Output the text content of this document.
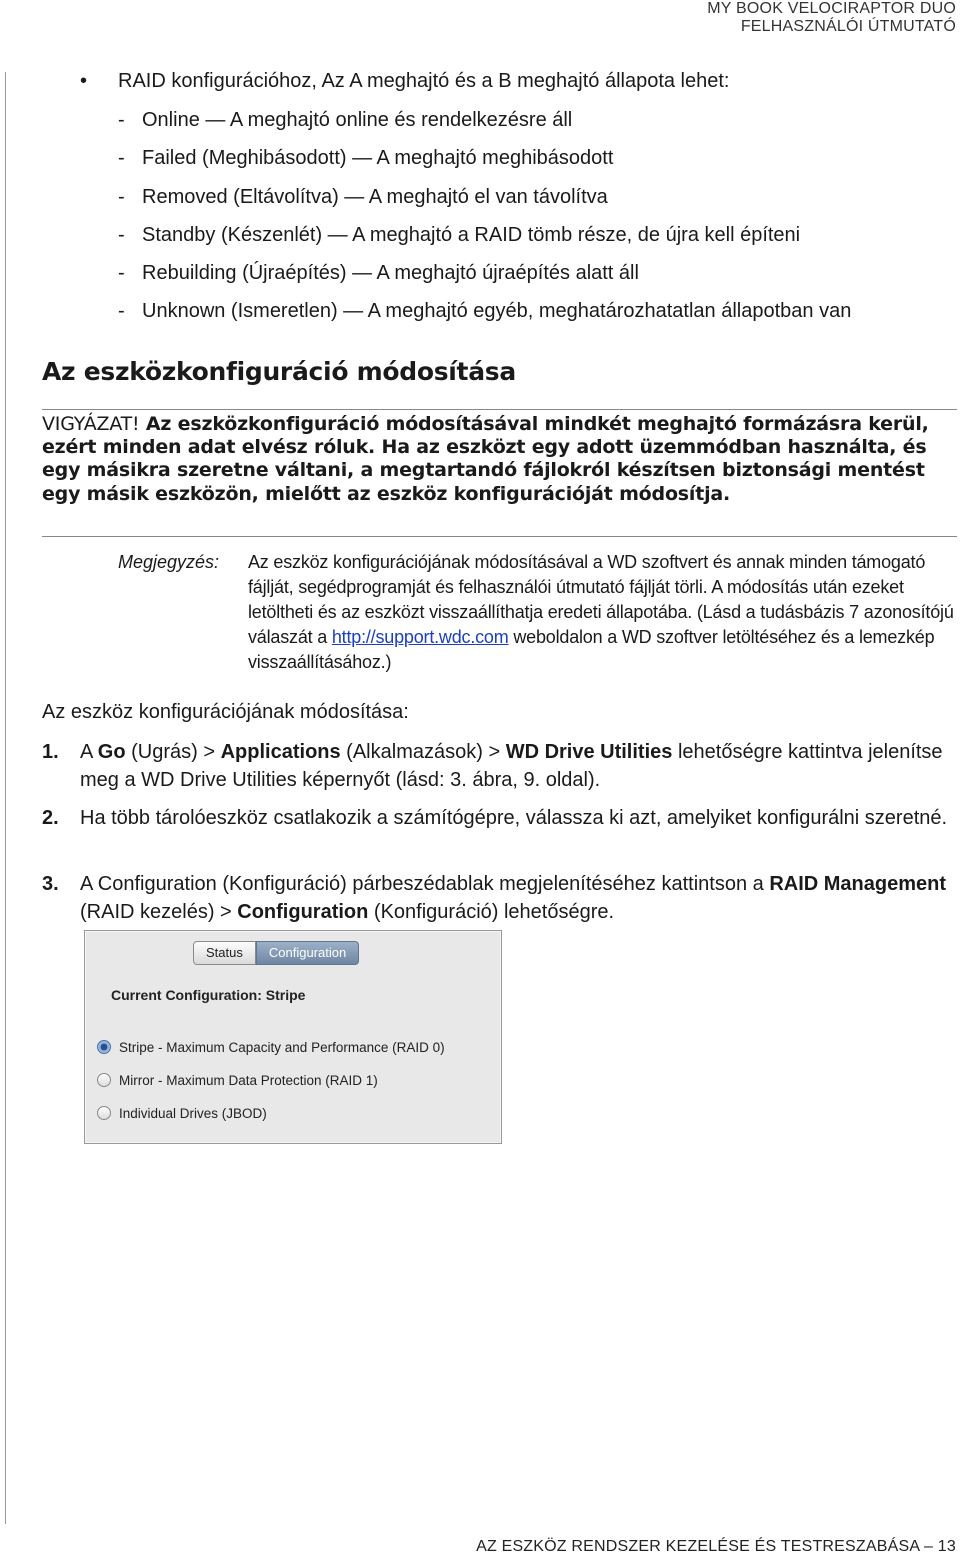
MY BOOK VELOCIRAPTOR DUO
FELHASZNÁLÓI ÚTMUTATÓ
• RAID konfigurációhoz, Az A meghajtó és a B meghajtó állapota lehet:
- Online — A meghajtó online és rendelkezésre áll
- Failed (Meghibásodott) — A meghajtó meghibásodott
- Removed (Eltávolítva) — A meghajtó el van távolítva
- Standby (Készenlét) — A meghajtó a RAID tömb része, de újra kell építeni
- Rebuilding (Újraépítés) — A meghajtó újraépítés alatt áll
- Unknown (Ismeretlen) — A meghajtó egyéb, meghatározhatatlan állapotban van
Az eszközkonfiguráció módosítása
VIGYÁZAT! Az eszközkonfiguráció módosításával mindkét meghajtó formázásra kerül, ezért minden adat elvész róluk. Ha az eszközt egy adott üzemmódban használta, és egy másikra szeretne váltani, a megtartandó fájlokról készítsen biztonsági mentést egy másik eszközön, mielőtt az eszköz konfigurációját módosítja.
Megjegyzés: Az eszköz konfigurációjának módosításával a WD szoftvert és annak minden támogató fájlját, segédprogramját és felhasználói útmutató fájlját törli. A módosítás után ezeket letöltheti és az eszközt visszaállíthatja eredeti állapotába. (Lásd a tudásbázis 7 azonosítójú válaszát a http://support.wdc.com weboldalon a WD szoftver letöltéséhez és a lemezkép visszaállításához.)
Az eszköz konfigurációjának módosítása:
1. A Go (Ugrás) > Applications (Alkalmazások) > WD Drive Utilities lehetőségre kattintva jelenítse meg a WD Drive Utilities képernyőt (lásd: 3. ábra, 9. oldal).
2. Ha több tárolóeszköz csatlakozik a számítógépre, válassza ki azt, amelyiket konfigurálni szeretné.
3. A Configuration (Konfiguráció) párbeszédablak megjelenítéséhez kattintson a RAID Management (RAID kezelés) > Configuration (Konfiguráció) lehetőségre.
Status	Configuration
Current Configuration: Stripe
Stripe - Maximum Capacity and Performance (RAID 0)
Mirror - Maximum Data Protection (RAID 1)
Individual Drives (JBOD)
AZ ESZKÖZ RENDSZER KEZELÉSE ÉS TESTRESZABÁSA – 13
